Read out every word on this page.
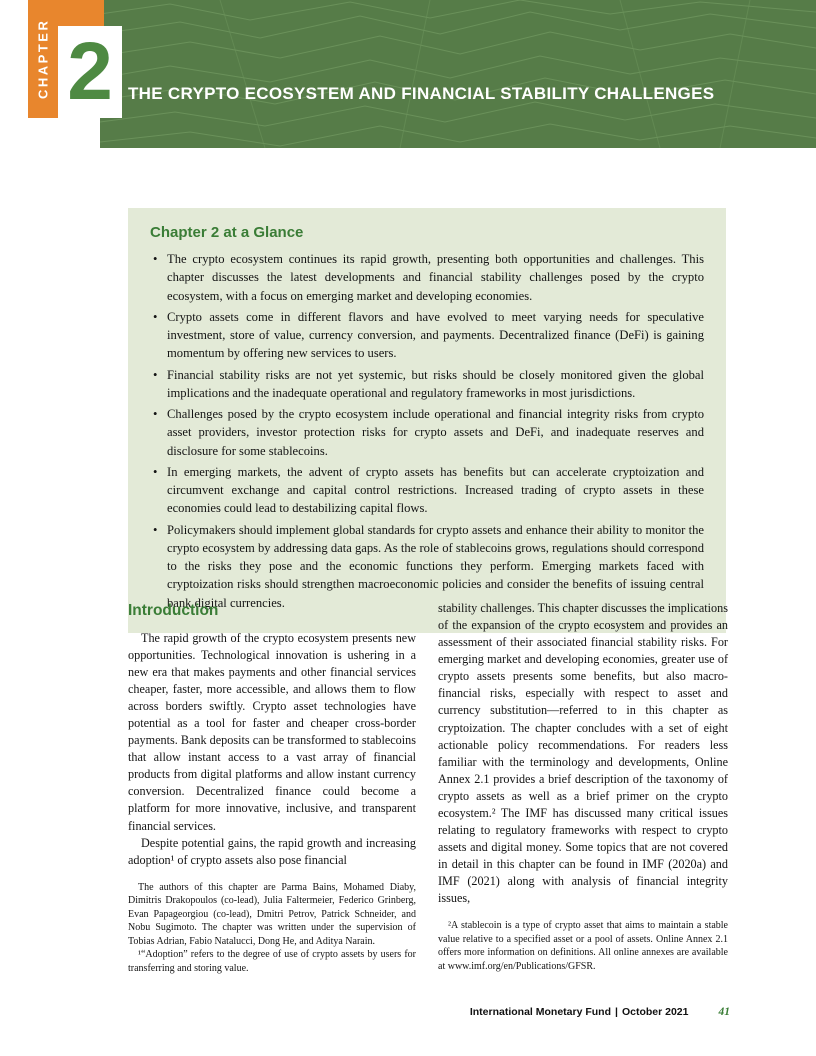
THE CRYPTO ECOSYSTEM AND FINANCIAL STABILITY CHALLENGES
CHAPTER 2
Chapter 2 at a Glance
• The crypto ecosystem continues its rapid growth, presenting both opportunities and challenges. This chapter discusses the latest developments and financial stability challenges posed by the crypto ecosystem, with a focus on emerging market and developing economies.
• Crypto assets come in different flavors and have evolved to meet varying needs for speculative investment, store of value, currency conversion, and payments. Decentralized finance (DeFi) is gaining momentum by offering new services to users.
• Financial stability risks are not yet systemic, but risks should be closely monitored given the global implications and the inadequate operational and regulatory frameworks in most jurisdictions.
• Challenges posed by the crypto ecosystem include operational and financial integrity risks from crypto asset providers, investor protection risks for crypto assets and DeFi, and inadequate reserves and disclosure for some stablecoins.
• In emerging markets, the advent of crypto assets has benefits but can accelerate cryptoization and circumvent exchange and capital control restrictions. Increased trading of crypto assets in these economies could lead to destabilizing capital flows.
• Policymakers should implement global standards for crypto assets and enhance their ability to monitor the crypto ecosystem by addressing data gaps. As the role of stablecoins grows, regulations should correspond to the risks they pose and the economic functions they perform. Emerging markets faced with cryptoization risks should strengthen macroeconomic policies and consider the benefits of issuing central bank digital currencies.
Introduction

The rapid growth of the crypto ecosystem presents new opportunities. Technological innovation is ushering in a new era that makes payments and other financial services cheaper, faster, more accessible, and allows them to flow across borders swiftly. Crypto asset technologies have potential as a tool for faster and cheaper cross-border payments. Bank deposits can be transformed to stablecoins that allow instant access to a vast array of financial products from digital platforms and allow instant currency conversion. Decentralized finance could become a platform for more innovative, inclusive, and transparent financial services.

Despite potential gains, the rapid growth and increasing adoption¹ of crypto assets also pose financial

The authors of this chapter are Parma Bains, Mohamed Diaby, Dimitris Drakopoulos (co-lead), Julia Faltermeier, Federico Grinberg, Evan Papageorgiou (co-lead), Dmitri Petrov, Patrick Schneider, and Nobu Sugimoto. The chapter was written under the supervision of Tobias Adrian, Fabio Natalucci, Dong He, and Aditya Narain.

¹“Adoption” refers to the degree of use of crypto assets by users for transferring and storing value.

stability challenges. This chapter discusses the implications of the expansion of the crypto ecosystem and provides an assessment of their associated financial stability risks. For emerging market and developing economies, greater use of crypto assets presents some benefits, but also macro-financial risks, especially with respect to asset and currency substitution—referred to in this chapter as cryptoization. The chapter concludes with a set of eight actionable policy recommendations. For readers less familiar with the terminology and developments, Online Annex 2.1 provides a brief description of the taxonomy of crypto assets as well as a brief primer on the crypto ecosystem.² The IMF has discussed many critical issues relating to regulatory frameworks with respect to crypto assets and digital money. Some topics that are not covered in detail in this chapter can be found in IMF (2020a) and IMF (2021) along with analysis of financial integrity issues,

²A stablecoin is a type of crypto asset that aims to maintain a stable value relative to a specified asset or a pool of assets. Online Annex 2.1 offers more information on definitions. All online annexes are available at www.imf.org/en/Publications/GFSR.

International Monetary Fund | October 2021	41
